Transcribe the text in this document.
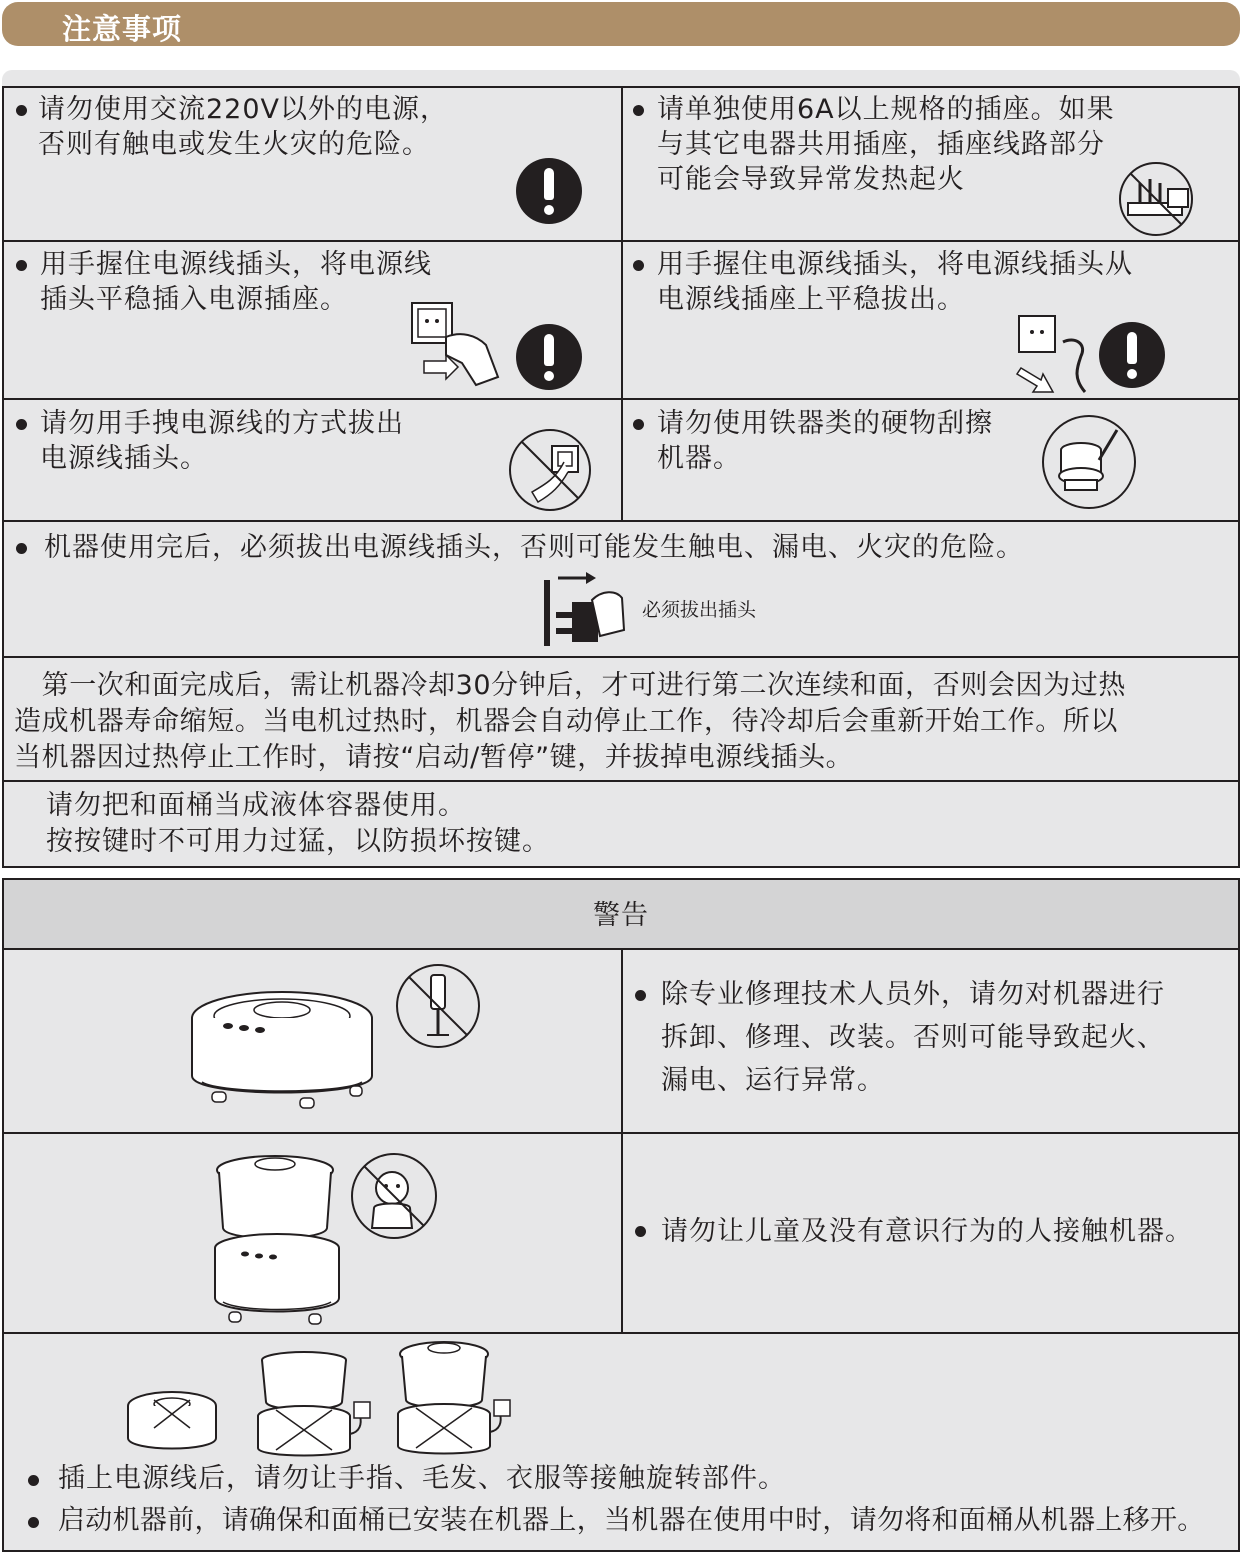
注意事项
请勿使用交流220V以外的电源，
否则有触电或发生火灾的危险。
请单独使用6A以上规格的插座。如果
与其它电器共用插座，插座线路部分
可能会导致异常发热起火
用手握住电源线插头，将电源线
插头平稳插入电源插座。
用手握住电源线插头，将电源线插头从
电源线插座上平稳拔出。
请勿用手拽电源线的方式拔出
电源线插头。
请勿使用铁器类的硬物刮擦
机器。
机器使用完后，必须拔出电源线插头，否则可能发生触电、漏电、火灾的危险。
必须拔出插头
　第一次和面完成后，需让机器冷却30分钟后，才可进行第二次连续和面，否则会因为过热
造成机器寿命缩短。当电机过热时，机器会自动停止工作，待冷却后会重新开始工作。所以
当机器因过热停止工作时，请按“启动/暂停”键，并拔掉电源线插头。
请勿把和面桶当成液体容器使用。
按按键时不可用力过猛，以防损坏按键。
警告
除专业修理技术人员外，请勿对机器进行
拆卸、修理、改装。否则可能导致起火、
漏电、运行异常。
请勿让儿童及没有意识行为的人接触机器。
插上电源线后，请勿让手指、毛发、衣服等接触旋转部件。
启动机器前，请确保和面桶已安装在机器上，当机器在使用中时，请勿将和面桶从机器上移开。
